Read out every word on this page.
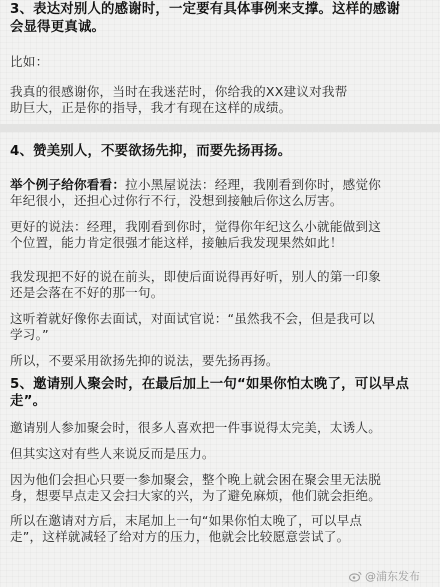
3、表达对别人的感谢时，一定要有具体事例来支撑。这样的感谢
会显得更真诚。
比如：
我真的很感谢你，当时在我迷茫时，你给我的XX建议对我帮
助巨大，正是你的指导，我才有现在这样的成绩。
4、赞美别人，不要欲扬先抑，而要先扬再扬。
举个例子给你看看：拉小黑屋说法：经理，我刚看到你时，感觉你
年纪很小，还担心过你行不行，没想到接触后你这么厉害。
更好的说法：经理，我刚看到你时，觉得你年纪这么小就能做到这
个位置，能力肯定很强才能这样，接触后我发现果然如此！
我发现把不好的说在前头，即使后面说得再好听，别人的第一印象
还是会落在不好的那一句。
这听着就好像你去面试，对面试官说：“虽然我不会，但是我可以
学习。”
所以，不要采用欲扬先抑的说法，要先扬再扬。
5、邀请别人聚会时，在最后加上一句“如果你怕太晚了，可以早点
走”。
邀请别人参加聚会时，很多人喜欢把一件事说得太完美，太诱人。
但其实这对有些人来说反而是压力。
因为他们会担心只要一参加聚会，整个晚上就会困在聚会里无法脱
身，想要早点走又会扫大家的兴，为了避免麻烦，他们就会拒绝。
所以在邀请对方后，末尾加上一句“如果你怕太晚了，可以早点
走”，这样就减轻了给对方的压力，他就会比较愿意尝试了。
@浦东发布
